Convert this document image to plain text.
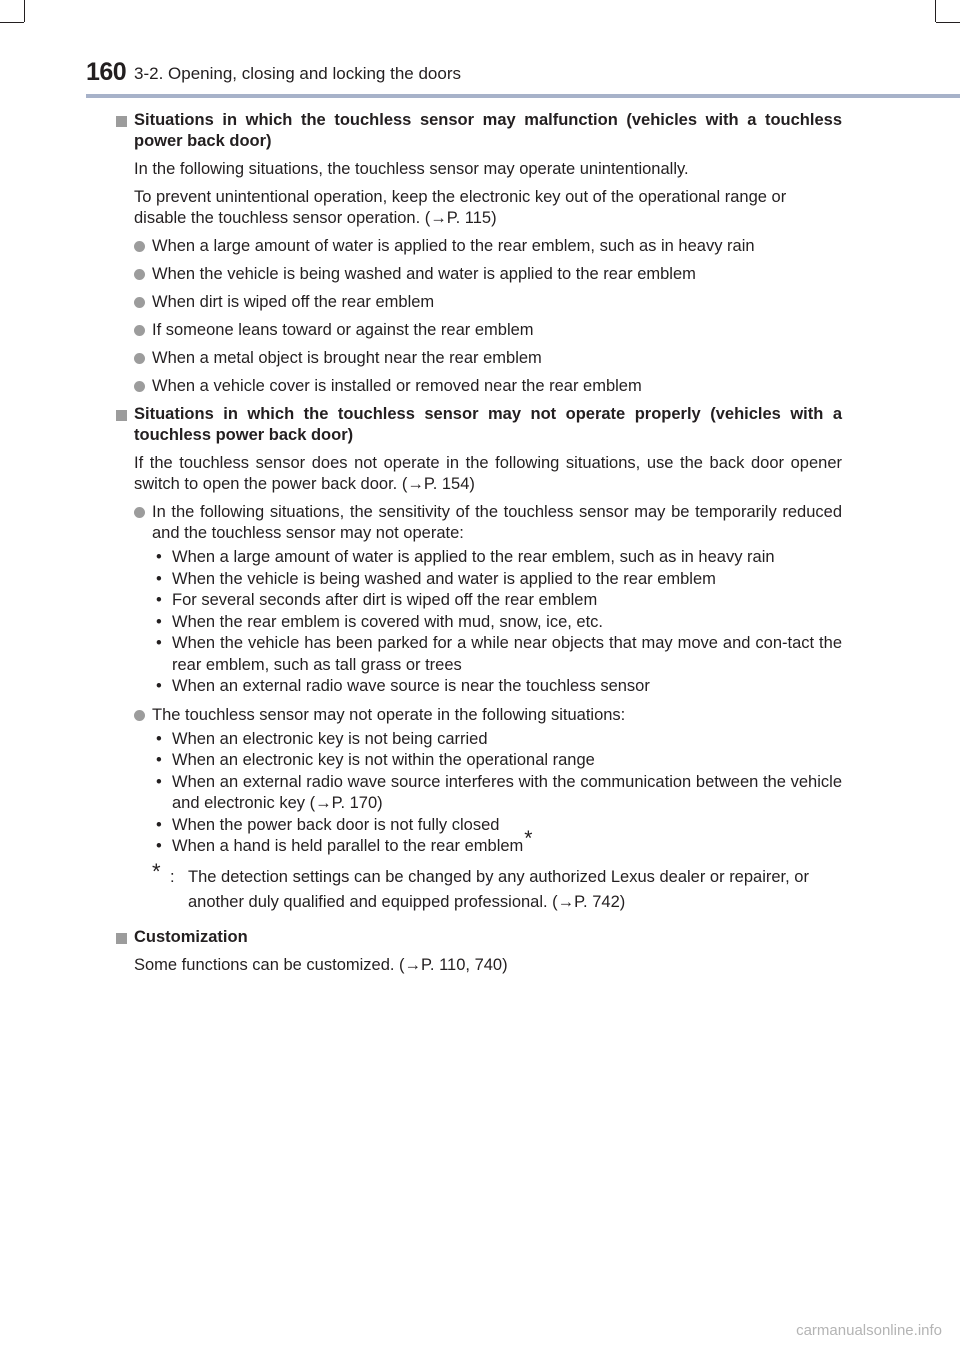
160 3-2. Opening, closing and locking the doors

Situations in which the touchless sensor may malfunction (vehicles with a touchless power back door)

In the following situations, the touchless sensor may operate unintentionally.

To prevent unintentional operation, keep the electronic key out of the operational range or disable the touchless sensor operation. (→P. 115)

When a large amount of water is applied to the rear emblem, such as in heavy rain
When the vehicle is being washed and water is applied to the rear emblem
When dirt is wiped off the rear emblem
If someone leans toward or against the rear emblem
When a metal object is brought near the rear emblem
When a vehicle cover is installed or removed near the rear emblem

Situations in which the touchless sensor may not operate properly (vehicles with a touchless power back door)

If the touchless sensor does not operate in the following situations, use the back door opener switch to open the power back door. (→P. 154)

In the following situations, the sensitivity of the touchless sensor may be temporarily reduced and the touchless sensor may not operate:
• When a large amount of water is applied to the rear emblem, such as in heavy rain
• When the vehicle is being washed and water is applied to the rear emblem
• For several seconds after dirt is wiped off the rear emblem
• When the rear emblem is covered with mud, snow, ice, etc.
• When the vehicle has been parked for a while near objects that may move and con-tact the rear emblem, such as tall grass or trees
• When an external radio wave source is near the touchless sensor
The touchless sensor may not operate in the following situations:
• When an electronic key is not being carried
• When an electronic key is not within the operational range
• When an external radio wave source interferes with the communication between the vehicle and electronic key (→P. 170)
• When the power back door is not fully closed
• When a hand is held parallel to the rear emblem*
* : The detection settings can be changed by any authorized Lexus dealer or repairer, or another duly qualified and equipped professional. (→P. 742)

Customization

Some functions can be customized. (→P. 110, 740)

carmanualsonline.info
